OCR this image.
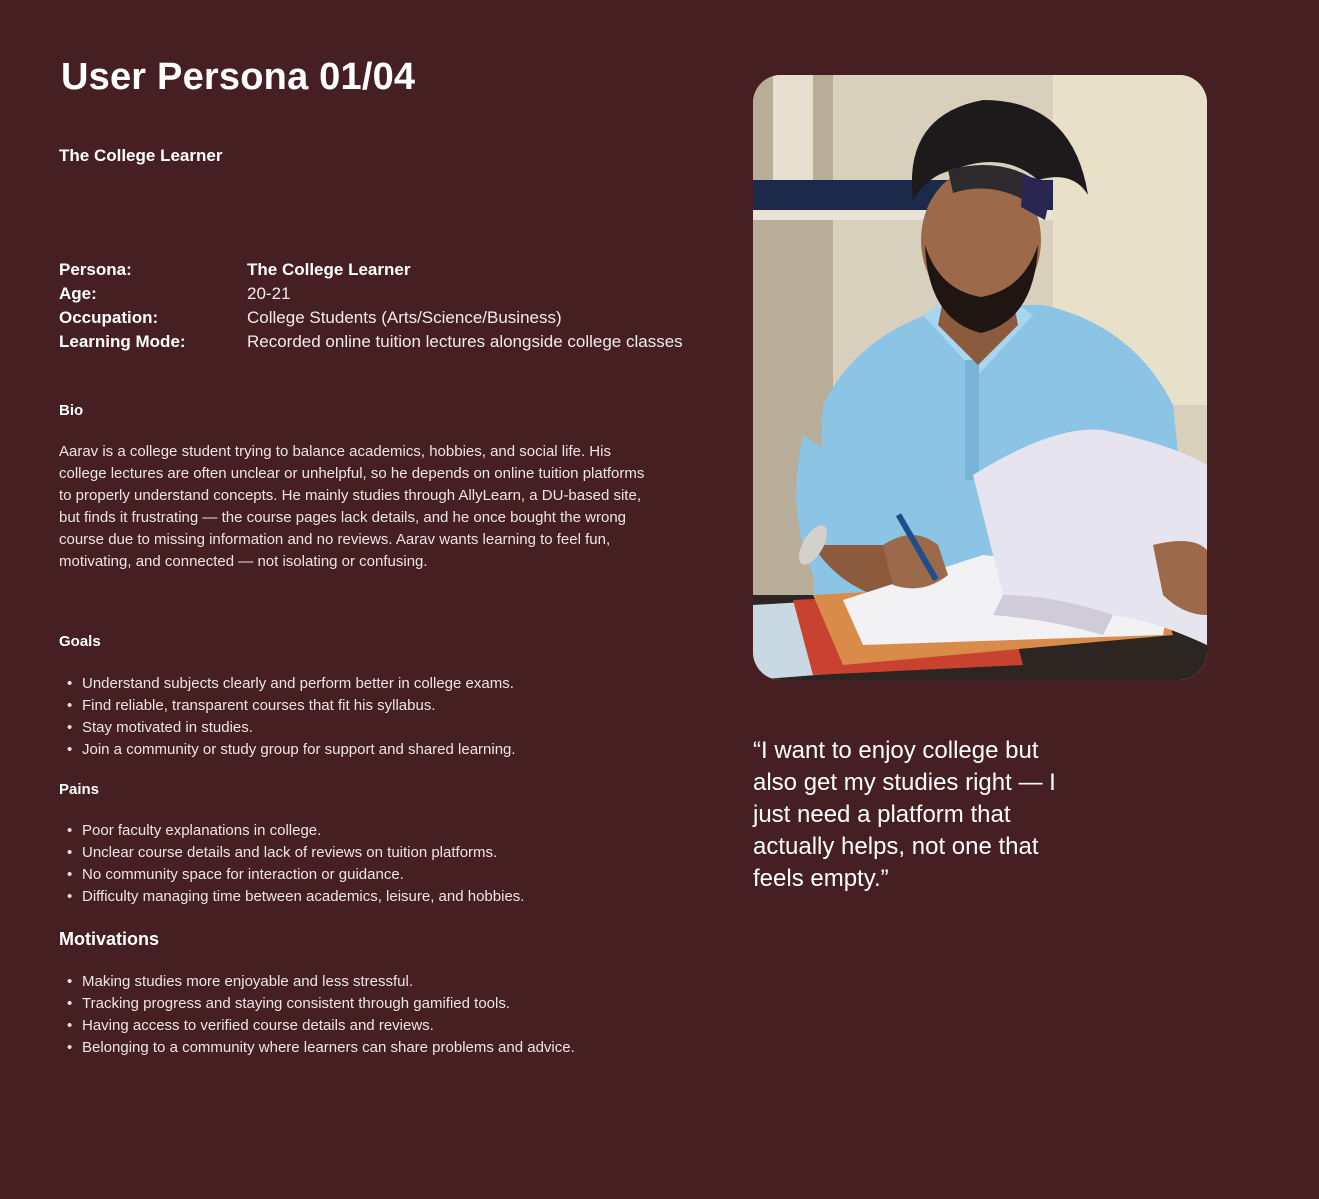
User Persona 01/04
The College Learner
Persona:	The College Learner
Age:	20-21
Occupation:	College Students (Arts/Science/Business)
Learning Mode:	Recorded online tuition lectures alongside college classes
Bio

Aarav is a college student trying to balance academics, hobbies, and social life. His college lectures are often unclear or unhelpful, so he depends on online tuition platforms to properly understand concepts. He mainly studies through AllyLearn, a DU-based site, but finds it frustrating — the course pages lack details, and he once bought the wrong course due to missing information and no reviews. Aarav wants learning to feel fun, motivating, and connected — not isolating or confusing.

Goals
• Understand subjects clearly and perform better in college exams.
• Find reliable, transparent courses that fit his syllabus.
• Stay motivated in studies.
• Join a community or study group for support and shared learning.
Pains
• Poor faculty explanations in college.
• Unclear course details and lack of reviews on tuition platforms.
• No community space for interaction or guidance.
• Difficulty managing time between academics, leisure, and hobbies.
Motivations
• Making studies more enjoyable and less stressful.
• Tracking progress and staying consistent through gamified tools.
• Having access to verified course details and reviews.
• Belonging to a community where learners can share problems and advice.

“I want to enjoy college but also get my studies right — I just need a platform that actually helps, not one that feels empty.”
